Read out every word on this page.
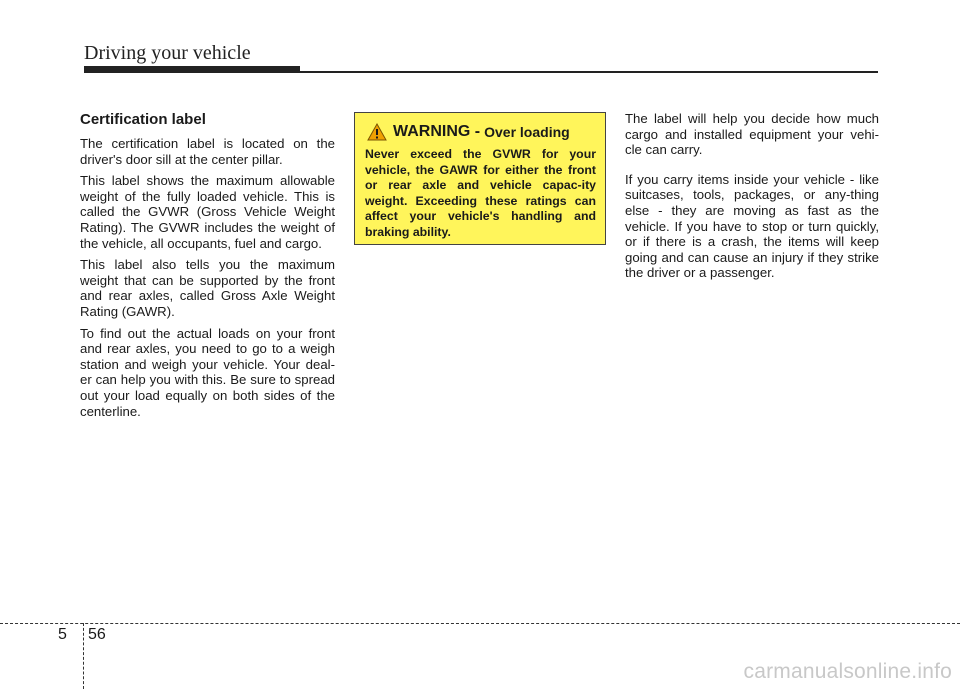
Driving your vehicle
Certification label

The certification label is located on the driver's door sill at the center pillar.

This label shows the maximum allowable weight of the fully loaded vehicle. This is called the GVWR (Gross Vehicle Weight Rating). The GVWR includes the weight of the vehicle, all occupants, fuel and cargo.

This label also tells you the maximum weight that can be supported by the front and rear axles, called Gross Axle Weight Rating (GAWR).

To find out the actual loads on your front and rear axles, you need to go to a weigh station and weigh your vehicle. Your deal-er can help you with this. Be sure to spread out your load equally on both sides of the centerline.

WARNING - Over loading
Never exceed the GVWR for your vehicle, the GAWR for either the front or rear axle and vehicle capac-ity weight. Exceeding these ratings can affect your vehicle's handling and braking ability.

The label will help you decide how much cargo and installed equipment your vehi-cle can carry.

If you carry items inside your vehicle - like suitcases, tools, packages, or any-thing else - they are moving as fast as the vehicle. If you have to stop or turn quickly, or if there is a crash, the items will keep going and can cause an injury if they strike the driver or a passenger.

5 56
carmanualsonline.info
